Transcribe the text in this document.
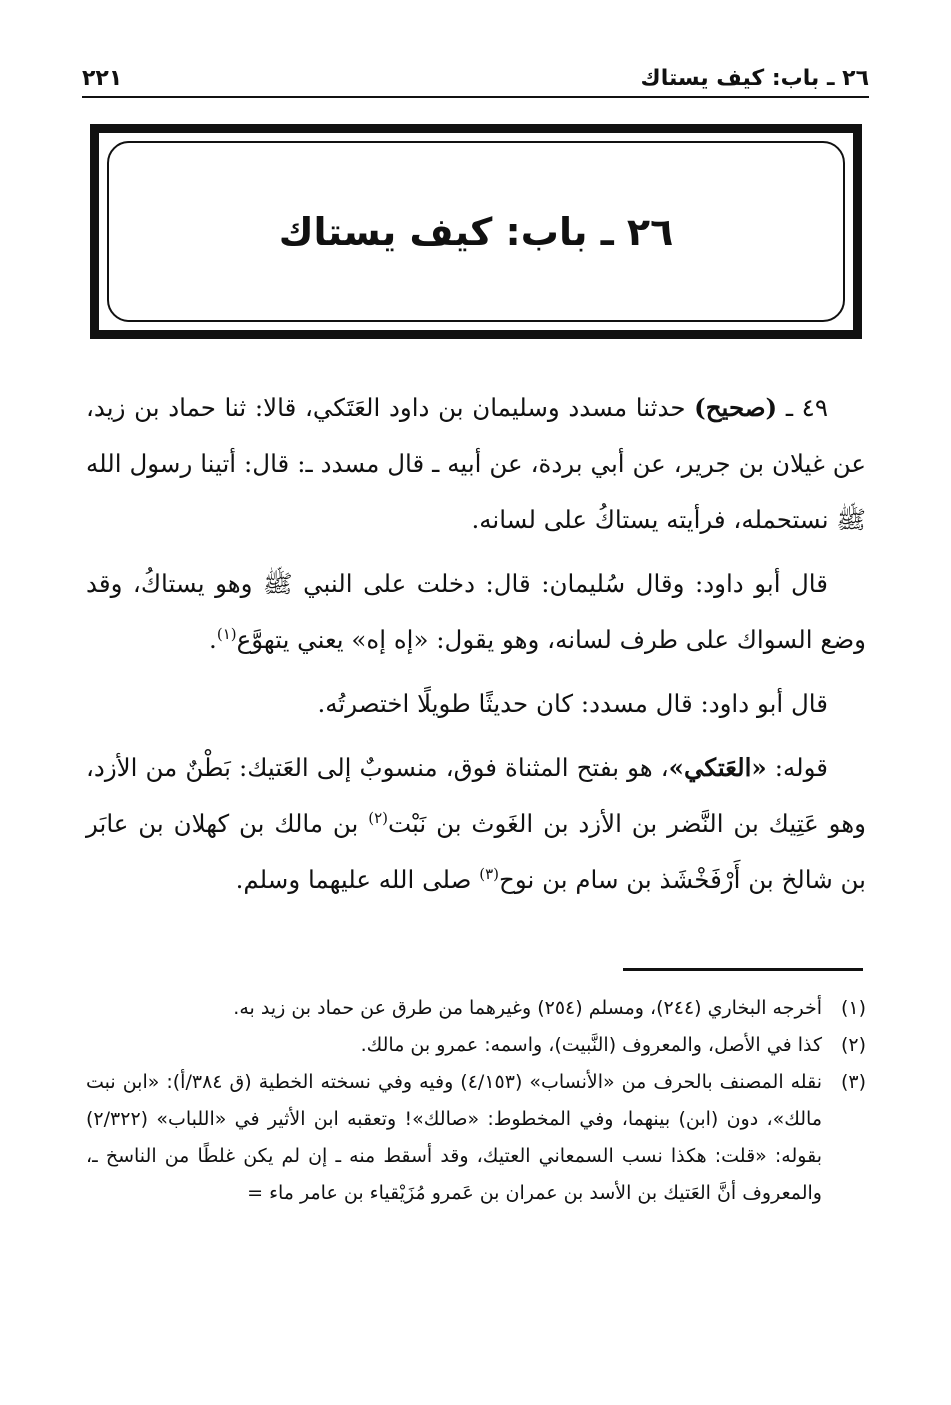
٢٦ ـ باب: كيف يستاك
٢٢١
٢٦ ـ باب: كيف يستاك

٤٩ ـ (صحيح) حدثنا مسدد وسليمان بن داود العَتَكي، قالا: ثنا حماد بن زيد، عن غيلان بن جرير، عن أبي بردة، عن أبيه ـ قال مسدد ـ: قال: أتينا رسول الله ﷺ نستحمله، فرأيته يستاكُ على لسانه.

قال أبو داود: وقال سُليمان: قال: دخلت على النبي ﷺ وهو يستاكُ، وقد وضع السواك على طرف لسانه، وهو يقول: «إه إه» يعني يتهوَّع$^{(١)}$.

قال أبو داود: قال مسدد: كان حديثًا طويلًا اختصرتُه.

قوله: «العَتكي»، هو بفتح المثناة فوق، منسوبٌ إلى العَتيك: بَطْنٌ من الأزد، وهو عَتِيك بن النَّضر بن الأزد بن الغَوث بن نَبْت$^{(٢)}$ بن مالك بن كهلان بن عابَر بن شالخ بن أَرْفَخْشَذ بن سام بن نوح$^{(٣)}$ صلى الله عليهما وسلم.

(١)
أخرجه البخاري (٢٤٤)، ومسلم (٢٥٤) وغيرهما من طرق عن حماد بن زيد به.
(٢)
كذا في الأصل، والمعروف (النَّبيت)، واسمه: عمرو بن مالك.
(٣)
نقله المصنف بالحرف من «الأنساب» (٤/١٥٣) وفيه وفي نسخته الخطية (ق ٣٨٤/أ): «ابن نبت مالك»، دون (ابن) بينهما، وفي المخطوط: «صالك»! وتعقبه ابن الأثير في «اللباب» (٢/٣٢٢) بقوله: «قلت: هكذا نسب السمعاني العتيك، وقد أسقط منه ـ إن لم يكن غلطًا من الناسخ ـ، والمعروف أنَّ العَتيك بن الأسد بن عمران بن عَمرو مُزَيْقياء بن عامر ماء =
